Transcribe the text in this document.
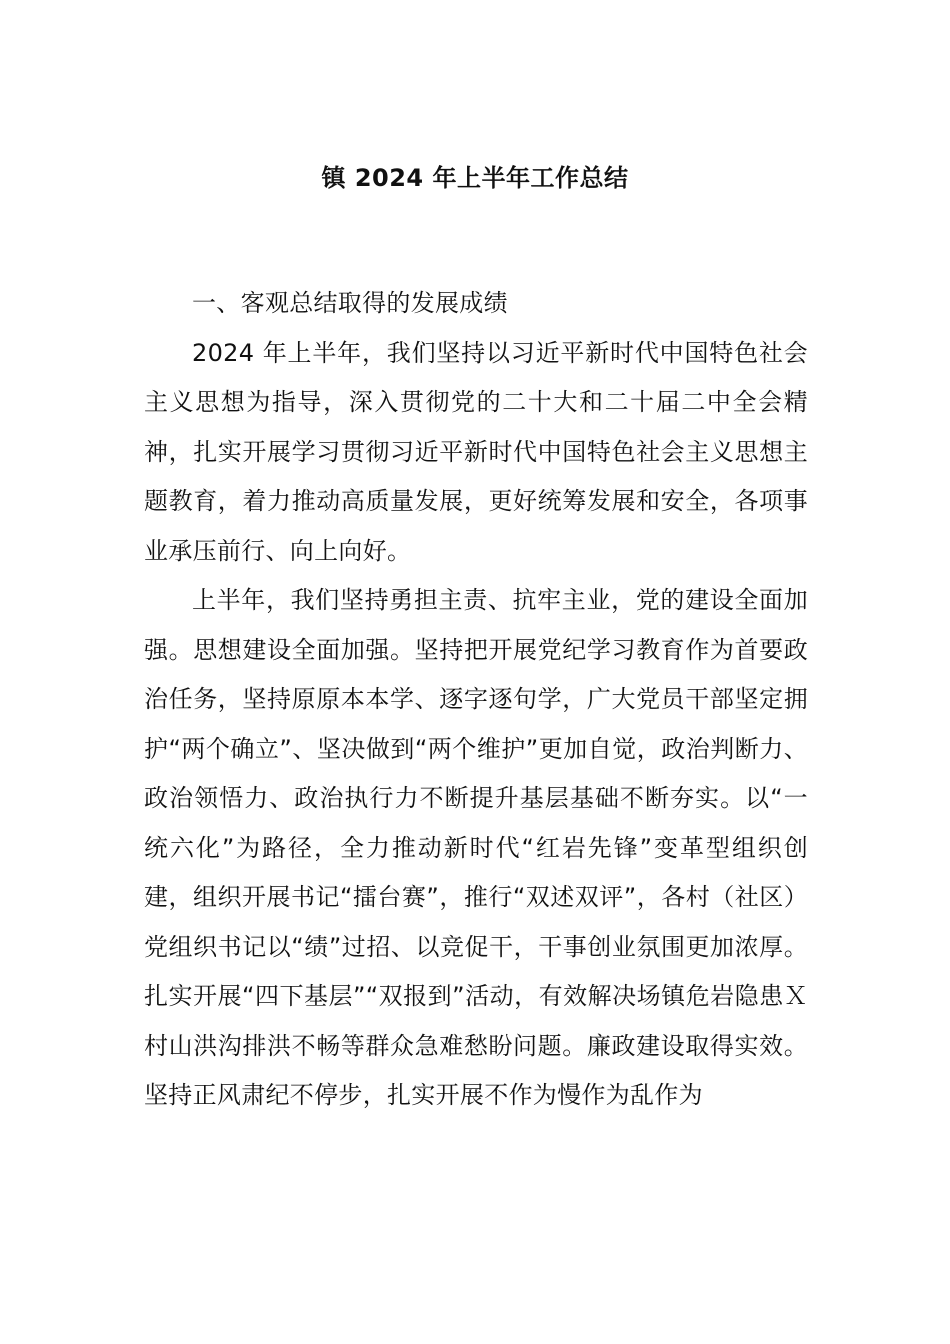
镇 2024 年上半年工作总结

一、客观总结取得的发展成绩

2024 年上半年，我们坚持以习近平新时代中国特色社会主义思想为指导，深入贯彻党的二十大和二十届二中全会精神，扎实开展学习贯彻习近平新时代中国特色社会主义思想主题教育，着力推动高质量发展，更好统筹发展和安全，各项事业承压前行、向上向好。

上半年，我们坚持勇担主责、抗牢主业，党的建设全面加强。思想建设全面加强。坚持把开展党纪学习教育作为首要政治任务，坚持原原本本学、逐字逐句学，广大党员干部坚定拥护“两个确立”、坚决做到“两个维护”更加自觉，政治判断力、政治领悟力、政治执行力不断提升基层基础不断夯实。以“一统六化”为路径，全力推动新时代“红岩先锋”变革型组织创建，组织开展书记“擂台赛”，推行“双述双评”，各村（社区）党组织书记以“绩”过招、以竞促干，干事创业氛围更加浓厚。扎实开展“四下基层”“双报到”活动，有效解决场镇危岩隐患Ｘ村山洪沟排洪不畅等群众急难愁盼问题。廉政建设取得实效。坚持正风肃纪不停步，扎实开展不作为慢作为乱作为
